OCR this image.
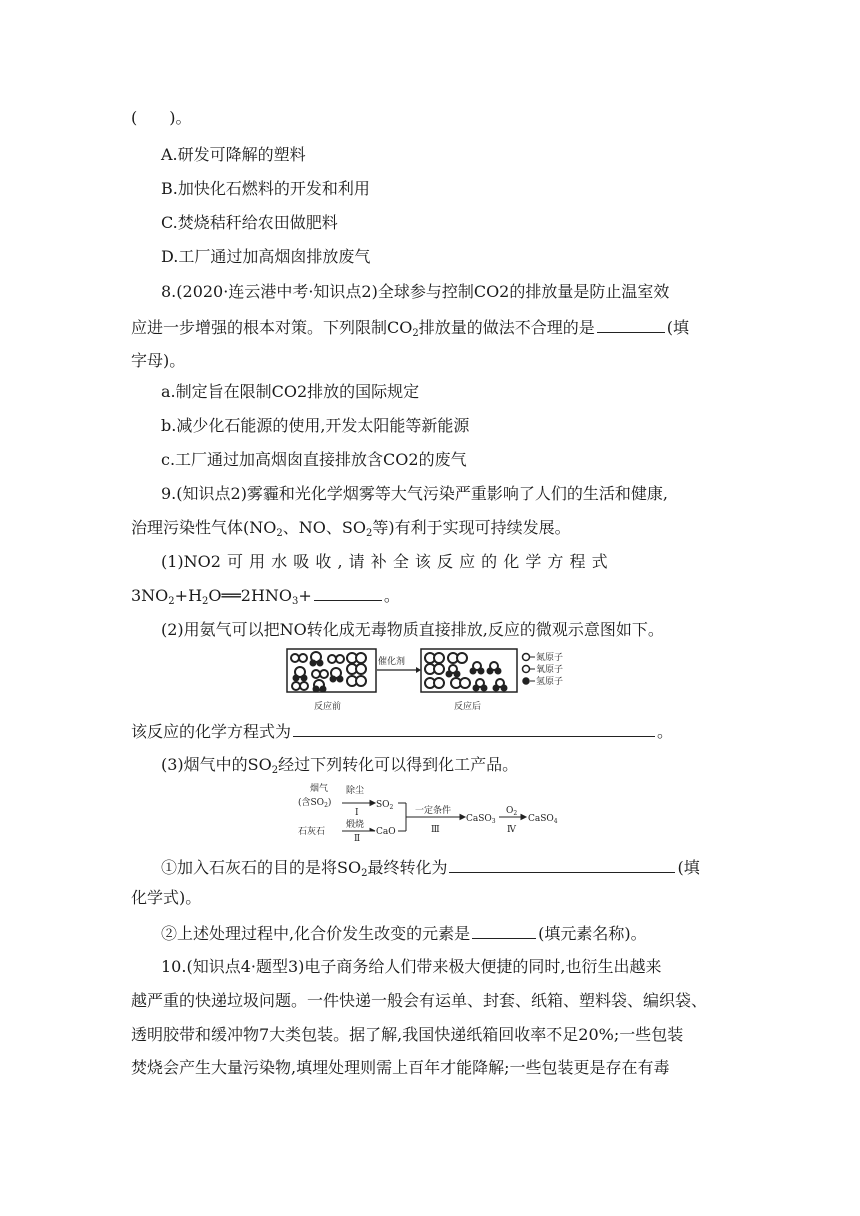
(　　)。
A.研发可降解的塑料
B.加快化石燃料的开发和利用
C.焚烧秸秆给农田做肥料
D.工厂通过加高烟囱排放废气
8.(2020·连云港中考·知识点2)全球参与控制CO2的排放量是防止温室效
应进一步增强的根本对策。下列限制$CO_2$排放量的做法不合理的是	(填
字母)。
a.制定旨在限制CO2排放的国际规定
b.减少化石能源的使用,开发太阳能等新能源
c.工厂通过加高烟囱直接排放含CO2的废气
9.(知识点2)雾霾和光化学烟雾等大气污染严重影响了人们的生活和健康,
治理污染性气体($NO_2$、NO、$SO_2$等)有利于实现可持续发展。
(1)NO2 可 用 水 吸 收 , 请 补 全 该 反 应 的 化 学 方 程 式
$3NO_2+H_2O══2HNO_3+$	。
(2)用氨气可以把NO转化成无毒物质直接排放,反应的微观示意图如下。
催化剂	氮原子
氧原子
氢原子
反应前	反应后
该反应的化学方程式为	。
(3)烟气中的$SO_2$经过下列转化可以得到化工产品。
烟气
(含$SO_2$)
除尘
Ⅰ
$SO_2$
石灰石
煅烧
Ⅱ
CaO
一定条件
Ⅲ
CaSO$_3$
$O_2$
Ⅳ
CaSO$_4$
①加入石灰石的目的是将$SO_2$最终转化为	(填
化学式)。
②上述处理过程中,化合价发生改变的元素是	(填元素名称)。
10.(知识点4·题型3)电子商务给人们带来极大便捷的同时,也衍生出越来
越严重的快递垃圾问题。一件快递一般会有运单、封套、纸箱、塑料袋、编织袋、
透明胶带和缓冲物7大类包装。据了解,我国快递纸箱回收率不足20%;一些包装
焚烧会产生大量污染物,填埋处理则需上百年才能降解;一些包装更是存在有毒
